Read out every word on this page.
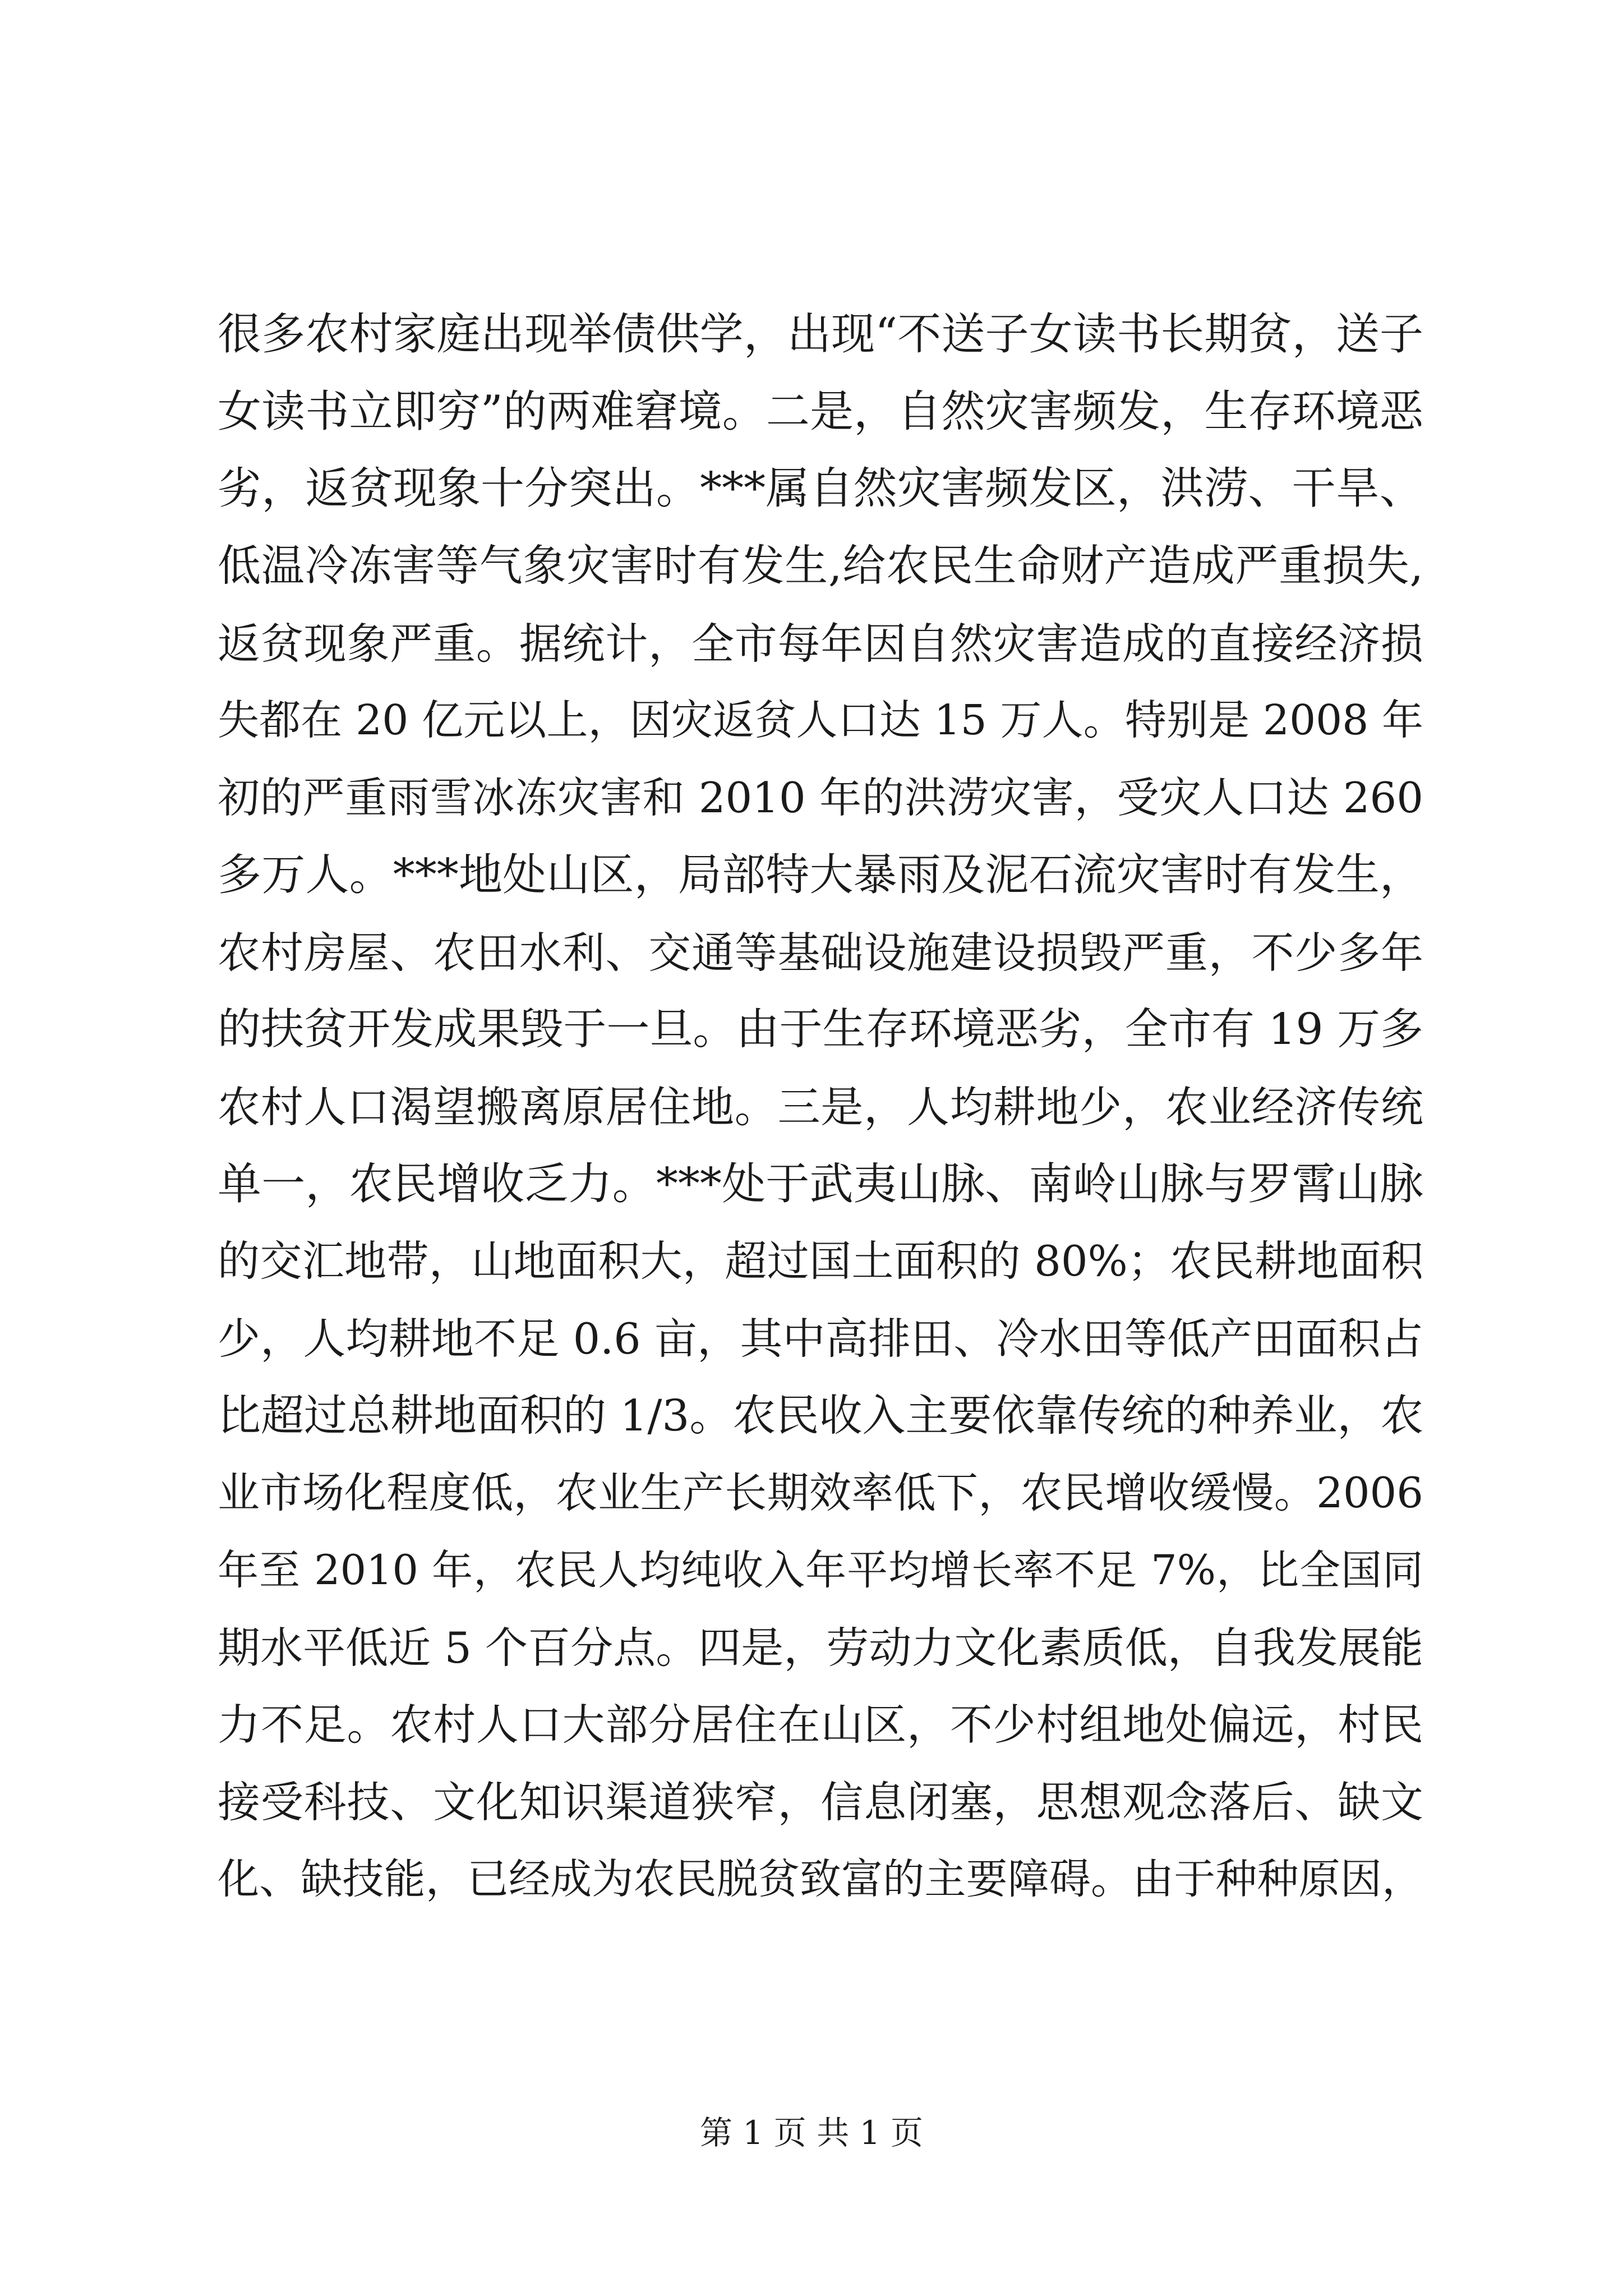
很多农村家庭出现举债供学，出现“不送子女读书长期贫，送子
女读书立即穷”的两难窘境。二是，自然灾害频发，生存环境恶
劣，返贫现象十分突出。***属自然灾害频发区，洪涝、干旱、
低温冷冻害等气象灾害时有发生,给农民生命财产造成严重损失,
返贫现象严重。据统计，全市每年因自然灾害造成的直接经济损
失都在 20 亿元以上，因灾返贫人口达 15 万人。特别是 2008 年
初的严重雨雪冰冻灾害和 2010 年的洪涝灾害，受灾人口达 260
多万人。***地处山区，局部特大暴雨及泥石流灾害时有发生，
农村房屋、农田水利、交通等基础设施建设损毁严重，不少多年
的扶贫开发成果毁于一旦。由于生存环境恶劣，全市有 19 万多
农村人口渴望搬离原居住地。三是，人均耕地少，农业经济传统
单一，农民增收乏力。***处于武夷山脉、南岭山脉与罗霄山脉
的交汇地带，山地面积大，超过国土面积的 80%；农民耕地面积
少，人均耕地不足 0.6 亩，其中高排田、冷水田等低产田面积占
比超过总耕地面积的 1/3。农民收入主要依靠传统的种养业，农
业市场化程度低，农业生产长期效率低下，农民增收缓慢。2006
年至 2010 年，农民人均纯收入年平均增长率不足 7%，比全国同
期水平低近 5 个百分点。四是，劳动力文化素质低，自我发展能
力不足。农村人口大部分居住在山区，不少村组地处偏远，村民
接受科技、文化知识渠道狭窄，信息闭塞，思想观念落后、缺文
化、缺技能，已经成为农民脱贫致富的主要障碍。由于种种原因，
第 1 页 共 1 页
